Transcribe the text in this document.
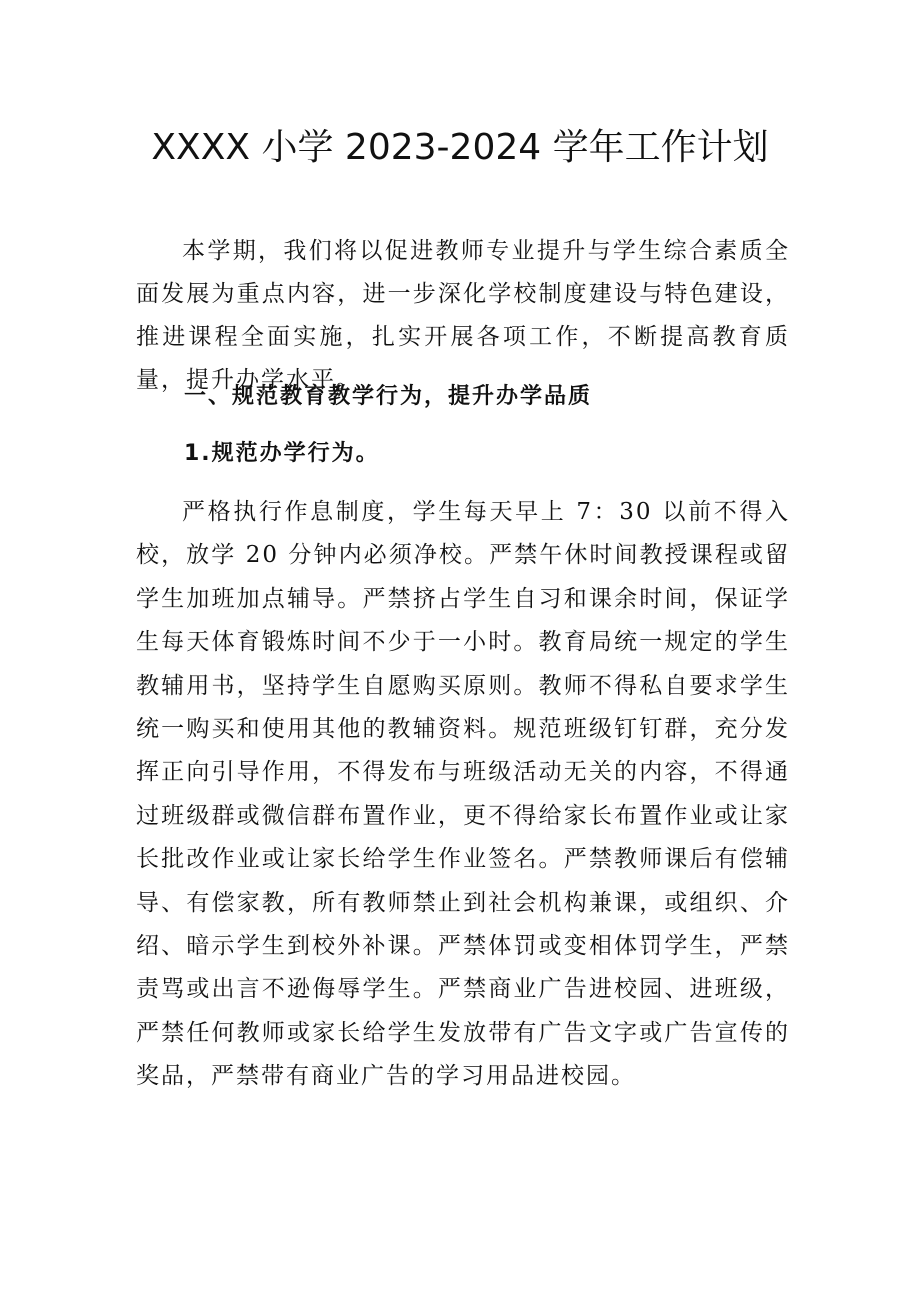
XXXX 小学 2023-2024 学年工作计划

本学期，我们将以促进教师专业提升与学生综合素质全面发展为重点内容，进一步深化学校制度建设与特色建设，推进课程全面实施，扎实开展各项工作，不断提高教育质量，提升办学水平。

一、规范教育教学行为，提升办学品质
1.规范办学行为。

严格执行作息制度，学生每天早上 7：30 以前不得入校，放学 20 分钟内必须净校。严禁午休时间教授课程或留学生加班加点辅导。严禁挤占学生自习和课余时间，保证学生每天体育锻炼时间不少于一小时。教育局统一规定的学生教辅用书，坚持学生自愿购买原则。教师不得私自要求学生统一购买和使用其他的教辅资料。规范班级钉钉群，充分发挥正向引导作用，不得发布与班级活动无关的内容，不得通过班级群或微信群布置作业，更不得给家长布置作业或让家长批改作业或让家长给学生作业签名。严禁教师课后有偿辅导、有偿家教，所有教师禁止到社会机构兼课，或组织、介绍、暗示学生到校外补课。严禁体罚或变相体罚学生，严禁责骂或出言不逊侮辱学生。严禁商业广告进校园、进班级，严禁任何教师或家长给学生发放带有广告文字或广告宣传的奖品，严禁带有商业广告的学习用品进校园。
